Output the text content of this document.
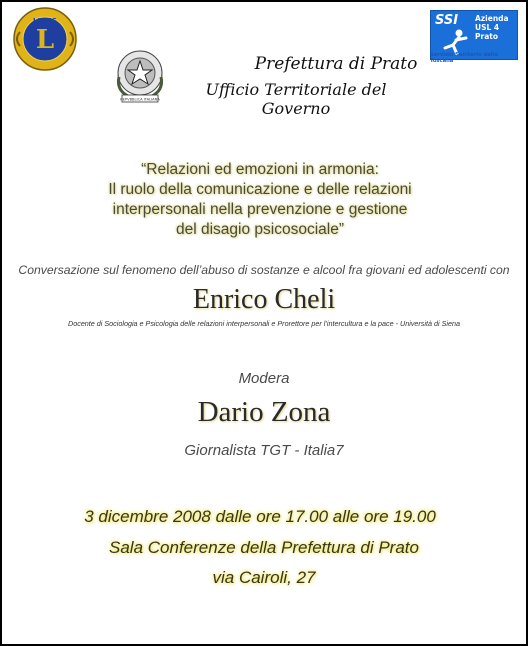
LIONS
L
REPVBBLICA ITALIANA
SSI	Azienda
USL 4
Prato
Servizio Sanitario della Toscana
Prefettura di Prato
Ufficio Territoriale del Governo
“Relazioni ed emozioni in armonia:
Il ruolo della comunicazione e delle relazioni
interpersonali nella prevenzione e gestione
del disagio psicosociale”
Conversazione sul fenomeno dell’abuso di sostanze e alcool fra giovani ed adolescenti con
Enrico Cheli
Docente di Sociologia e Psicologia delle relazioni interpersonali e Prorettore per l’intercultura e la pace - Università di Siena
Modera
Dario Zona
Giornalista TGT - Italia7
3 dicembre 2008 dalle ore 17.00 alle ore 19.00
Sala Conferenze della Prefettura di Prato
via Cairoli, 27
